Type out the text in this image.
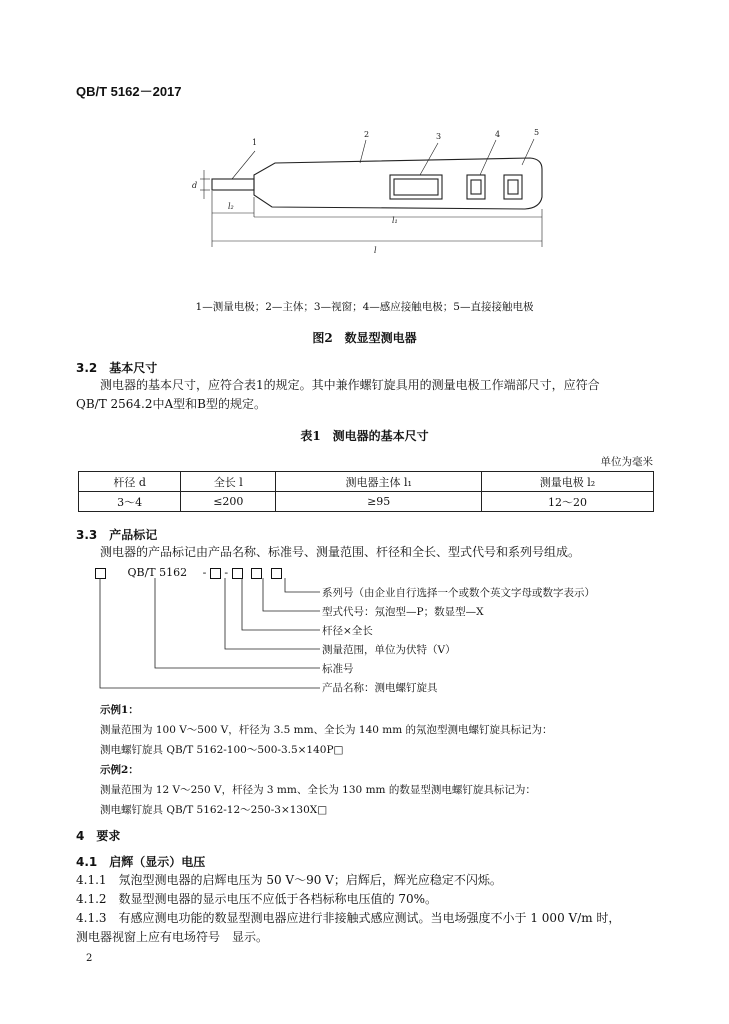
QB/T 5162－2017
1
2	3	4	5
d
l₂
l₁
l
1—测量电极；2—主体；3—视窗；4—感应接触电极；5—直接接触电极
图2　数显型测电器
3.2　基本尺寸
测电器的基本尺寸，应符合表1的规定。其中兼作螺钉旋具用的测量电极工作端部尺寸，应符合
QB/T 2564.2中A型和B型的规定。
表1　测电器的基本尺寸
单位为毫米
杆径 d	全长 l	测电器主体 l₁	测量电极 l₂
3～4	≤200	≥95	12～20
3.3　产品标记
测电器的产品标记由产品名称、标准号、测量范围、杆径和全长、型式代号和系列号组成。
QB/T 5162 - -
系列号（由企业自行选择一个或数个英文字母或数字表示）
型式代号：氖泡型—P；数显型—X
杆径×全长
测量范围，单位为伏特（V）
标准号
产品名称：测电螺钉旋具
示例1：
测量范围为 100 V～500 V，杆径为 3.5 mm、全长为 140 mm 的氖泡型测电螺钉旋具标记为：
测电螺钉旋具 QB/T 5162-100～500-3.5×140P□
示例2：
测量范围为 12 V～250 V，杆径为 3 mm、全长为 130 mm 的数显型测电螺钉旋具标记为：
测电螺钉旋具 QB/T 5162-12～250-3×130X□
4　要求
4.1　启辉（显示）电压
4.1.1　氖泡型测电器的启辉电压为 50 V～90 V；启辉后，辉光应稳定不闪烁。
4.1.2　数显型测电器的显示电压不应低于各档标称电压值的 70%。
4.1.3　有感应测电功能的数显型测电器应进行非接触式感应测试。当电场强度不小于 1 000 V/m 时，
测电器视窗上应有电场符号　显示。
2
